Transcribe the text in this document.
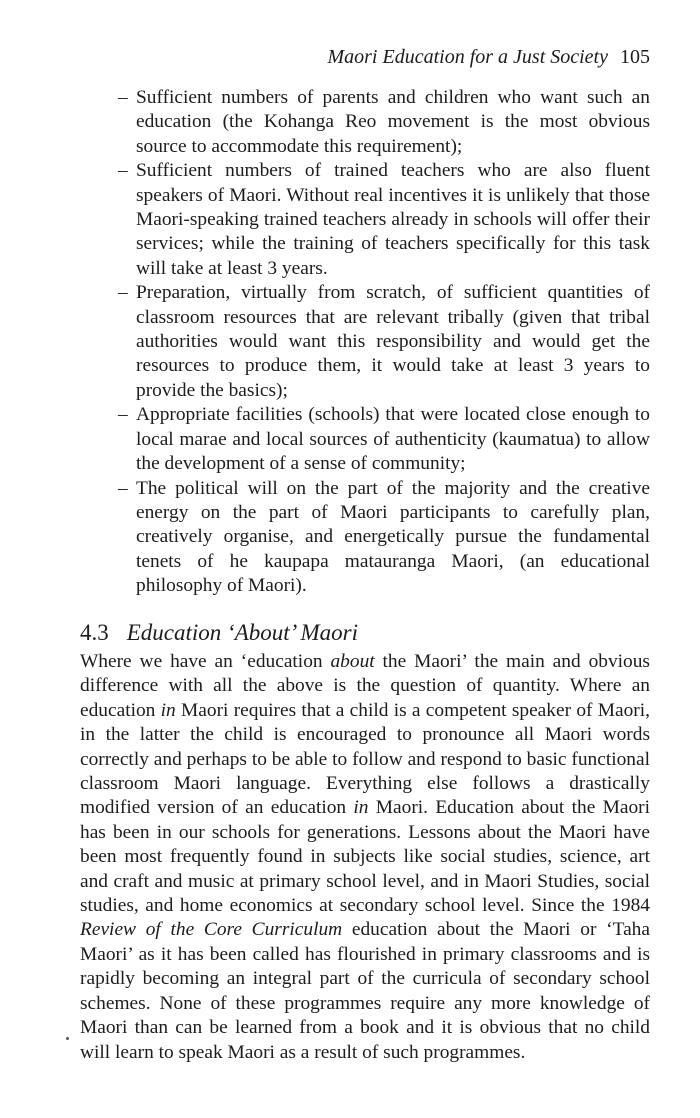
Maori Education for a Just Society 105

– Sufficient numbers of parents and children who want such an education (the Kohanga Reo movement is the most obvious source to accommodate this requirement);

– Sufficient numbers of trained teachers who are also fluent speakers of Maori. Without real incentives it is unlikely that those Maori-speaking trained teachers already in schools will offer their services; while the training of teachers specifically for this task will take at least 3 years.

– Preparation, virtually from scratch, of sufficient quantities of classroom resources that are relevant tribally (given that tribal authorities would want this responsibility and would get the resources to produce them, it would take at least 3 years to provide the basics);

– Appropriate facilities (schools) that were located close enough to local marae and local sources of authenticity (kaumatua) to allow the development of a sense of community;

– The political will on the part of the majority and the creative energy on the part of Maori participants to carefully plan, creatively organise, and energetically pursue the fundamental tenets of he kaupapa matauranga Maori, (an educational philosophy of Maori).

4.3 Education ‘About’ Maori

Where we have an ‘education about the Maori’ the main and obvious difference with all the above is the question of quantity. Where an education in Maori requires that a child is a competent speaker of Maori, in the latter the child is encouraged to pronounce all Maori words correctly and perhaps to be able to follow and respond to basic functional classroom Maori language. Everything else follows a drastically modified version of an education in Maori. Education about the Maori has been in our schools for generations. Lessons about the Maori have been most frequently found in subjects like social studies, science, art and craft and music at primary school level, and in Maori Studies, social studies, and home economics at secondary school level. Since the 1984 Review of the Core Curriculum education about the Maori or ‘Taha Maori’ as it has been called has flourished in primary classrooms and is rapidly becoming an integral part of the curricula of secondary school schemes. None of these programmes require any more knowledge of Maori than can be learned from a book and it is obvious that no child will learn to speak Maori as a result of such programmes.
